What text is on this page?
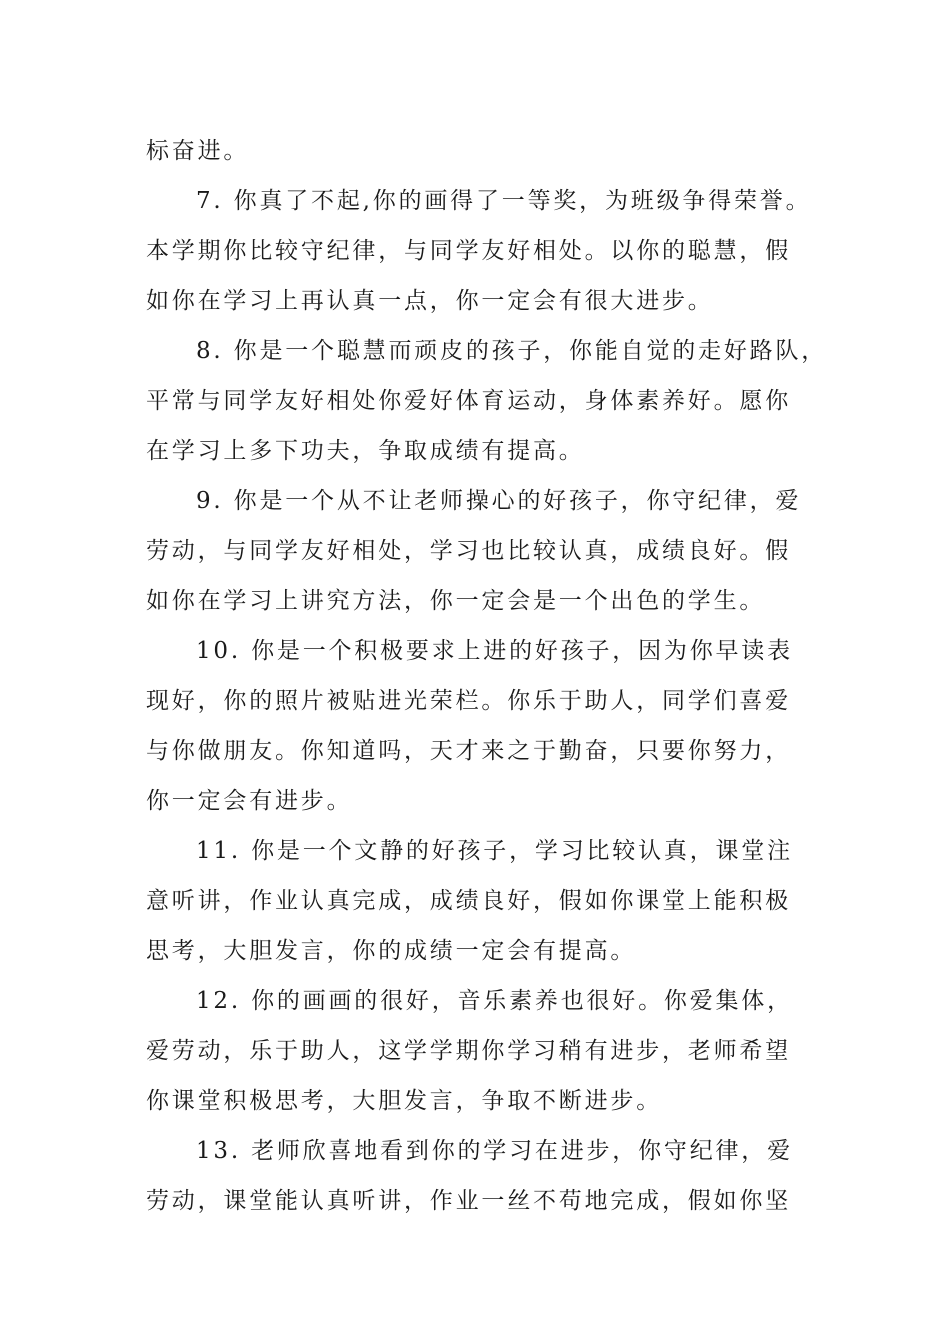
标奋进。
7. 你真了不起,你的画得了一等奖，为班级争得荣誉。
本学期你比较守纪律，与同学友好相处。以你的聪慧，假
如你在学习上再认真一点，你一定会有很大进步。
8. 你是一个聪慧而顽皮的孩子，你能自觉的走好路队，
平常与同学友好相处你爱好体育运动，身体素养好。愿你
在学习上多下功夫，争取成绩有提高。
9. 你是一个从不让老师操心的好孩子，你守纪律，爱
劳动，与同学友好相处，学习也比较认真，成绩良好。假
如你在学习上讲究方法，你一定会是一个出色的学生。
10. 你是一个积极要求上进的好孩子，因为你早读表
现好，你的照片被贴进光荣栏。你乐于助人，同学们喜爱
与你做朋友。你知道吗，天才来之于勤奋，只要你努力，
你一定会有进步。
11. 你是一个文静的好孩子，学习比较认真，课堂注
意听讲，作业认真完成，成绩良好，假如你课堂上能积极
思考，大胆发言，你的成绩一定会有提高。
12. 你的画画的很好，音乐素养也很好。你爱集体，
爱劳动，乐于助人，这学学期你学习稍有进步，老师希望
你课堂积极思考，大胆发言，争取不断进步。
13. 老师欣喜地看到你的学习在进步，你守纪律，爱
劳动，课堂能认真听讲，作业一丝不苟地完成，假如你坚
